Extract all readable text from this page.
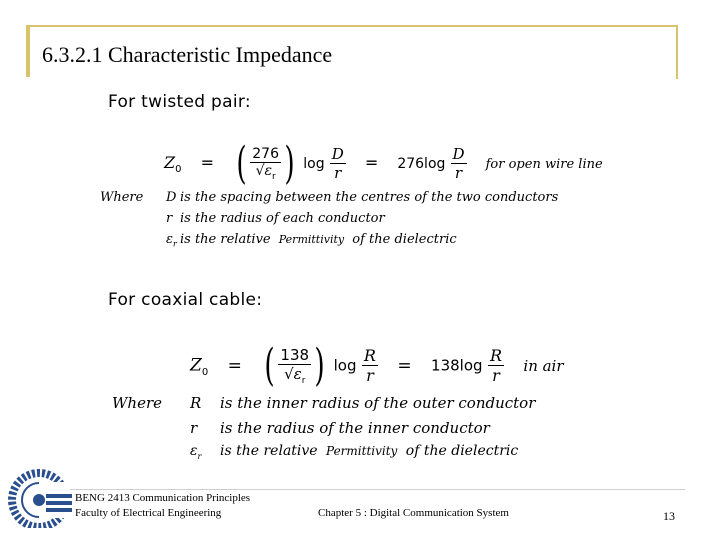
6.3.2.1 Characteristic Impedance
For twisted pair:
$Z_0$ = ( $\frac{276}{√\varepsilon_r}$ ) $\log \frac{D}{r} = 276\log \frac{D}{r}$ for open wire line
Where D is the spacing between the centres of the two conductors
r is the radius of each conductor
$\varepsilon_r$ is the relative Permittivity of the dielectric
For coaxial cable:
$Z_0$ = ( $\frac{138}{√\varepsilon_r}$ ) $\log \frac{R}{r} = 138\log \frac{R}{r}$ in air
Where R is the inner radius of the outer conductor
r is the radius of the inner conductor
$\varepsilon_r$ is the relative Permittivity of the dielectric
BENG 2413 Communication Principles
Faculty of Electrical Engineering	Chapter 5 : Digital Communication System	13
